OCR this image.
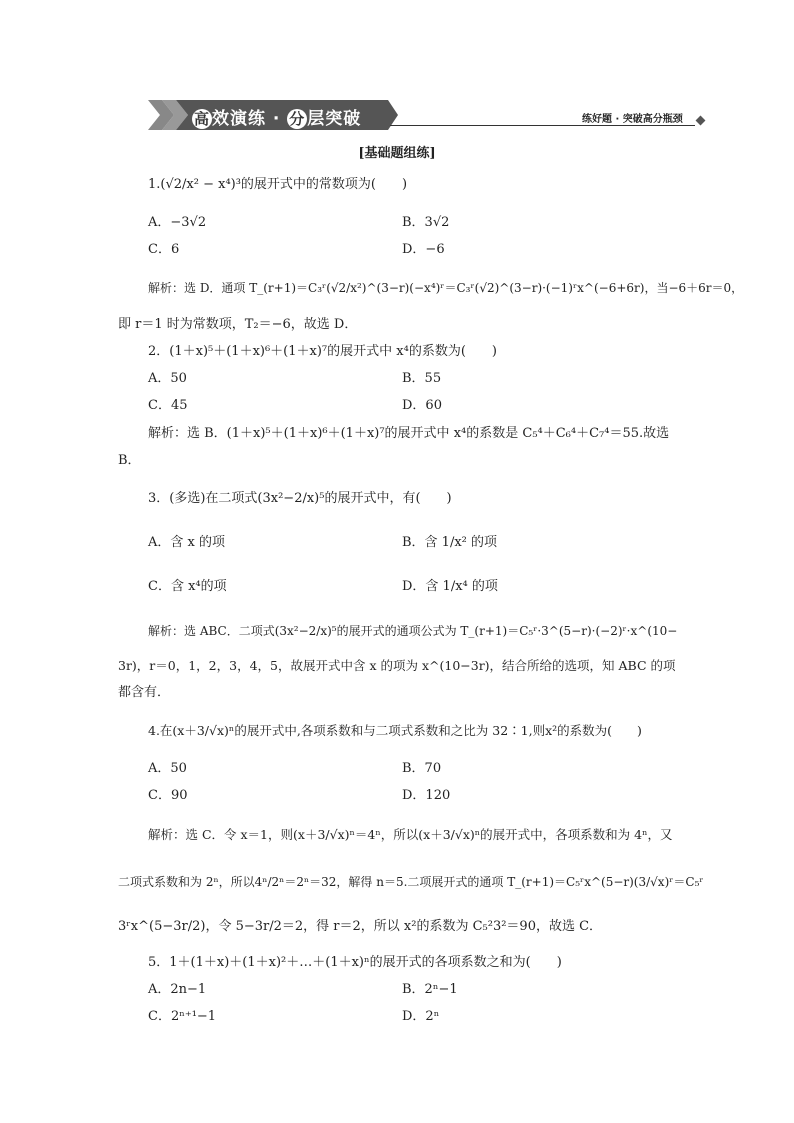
高 效演练 · 分 层突破	练好题 · 突破高分瓶颈
[基础题组练]
1.(√2/x² − x⁴)³的展开式中的常数项为(　　)
A．−3√2	B．3√2
C．6	D．−6
解析：选 D．通项 T_(r+1)＝C₃ʳ(√2/x²)^(3−r)(−x⁴)ʳ＝C₃ʳ(√2)^(3−r)·(−1)ʳx^(−6+6r)，当−6＋6r＝0，
即 r＝1 时为常数项，T₂＝−6，故选 D．
2．(1＋x)⁵＋(1＋x)⁶＋(1＋x)⁷的展开式中 x⁴的系数为(　　)
A．50	B．55
C．45	D．60
解析：选 B．(1＋x)⁵＋(1＋x)⁶＋(1＋x)⁷的展开式中 x⁴的系数是 C₅⁴＋C₆⁴＋C₇⁴＝55.故选
B．
3．(多选)在二项式(3x²−2/x)⁵的展开式中，有(　　)
A．含 x 的项	B．含 1/x² 的项
C．含 x⁴的项	D．含 1/x⁴ 的项
解析：选 ABC．二项式(3x²−2/x)⁵的展开式的通项公式为 T_(r+1)＝C₅ʳ·3^(5−r)·(−2)ʳ·x^(10−
3r)，r＝0，1，2，3，4，5，故展开式中含 x 的项为 x^(10−3r)，结合所给的选项，知 ABC 的项
都含有．
4.在(x＋3/√x)ⁿ的展开式中,各项系数和与二项式系数和之比为 32∶1,则x²的系数为(　　)
A．50	B．70
C．90	D．120
解析：选 C．令 x＝1，则(x＋3/√x)ⁿ＝4ⁿ，所以(x＋3/√x)ⁿ的展开式中，各项系数和为 4ⁿ，又
二项式系数和为 2ⁿ，所以4ⁿ/2ⁿ＝2ⁿ＝32，解得 n＝5.二项展开式的通项 T_(r+1)＝C₅ʳx^(5−r)(3/√x)ʳ＝C₅ʳ
3ʳx^(5−3r/2)，令 5−3r/2＝2，得 r＝2，所以 x²的系数为 C₅²3²＝90，故选 C．
5．1＋(1＋x)＋(1＋x)²＋…＋(1＋x)ⁿ的展开式的各项系数之和为(　　)
A．2n−1	B．2ⁿ−1
C．2ⁿ⁺¹−1	D．2ⁿ
